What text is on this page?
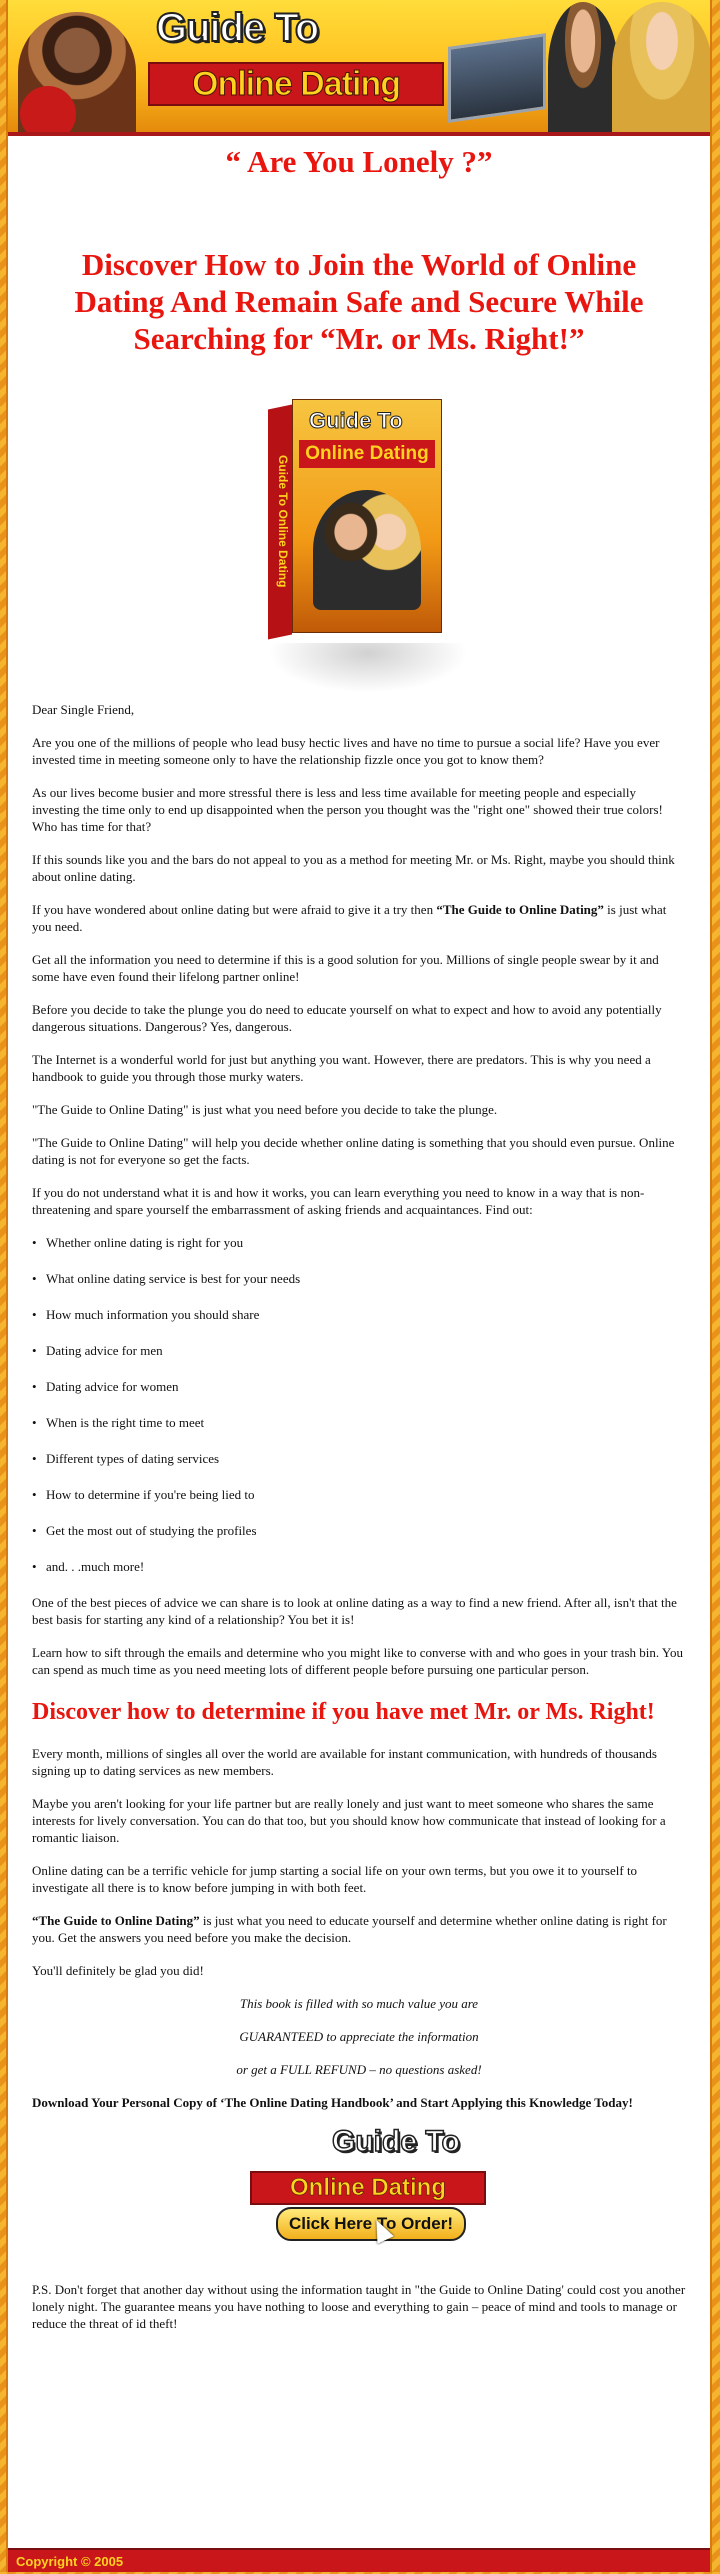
Guide To
Online Dating
“ Are You Lonely ?”
Discover How to Join the World of Online Dating And Remain Safe and Secure While Searching for “Mr. or Ms. Right!”
Guide To Online Dating
Guide To
Online Dating

Dear Single Friend,

Are you one of the millions of people who lead busy hectic lives and have no time to pursue a social life? Have you ever invested time in meeting someone only to have the relationship fizzle once you got to know them?

As our lives become busier and more stressful there is less and less time available for meeting people and especially investing the time only to end up disappointed when the person you thought was the "right one" showed their true colors! Who has time for that?

If this sounds like you and the bars do not appeal to you as a method for meeting Mr. or Ms. Right, maybe you should think about online dating.

If you have wondered about online dating but were afraid to give it a try then “The Guide to Online Dating” is just what you need.

Get all the information you need to determine if this is a good solution for you. Millions of single people swear by it and some have even found their lifelong partner online!

Before you decide to take the plunge you do need to educate yourself on what to expect and how to avoid any potentially dangerous situations. Dangerous? Yes, dangerous.

The Internet is a wonderful world for just but anything you want. However, there are predators. This is why you need a handbook to guide you through those murky waters.

"The Guide to Online Dating" is just what you need before you decide to take the plunge.

"The Guide to Online Dating" will help you decide whether online dating is something that you should even pursue. Online dating is not for everyone so get the facts.

If you do not understand what it is and how it works, you can learn everything you need to know in a way that is non-threatening and spare yourself the embarrassment of asking friends and acquaintances. Find out:

• Whether online dating is right for you
• What online dating service is best for your needs
• How much information you should share
• Dating advice for men
• Dating advice for women
• When is the right time to meet
• Different types of dating services
• How to determine if you're being lied to
• Get the most out of studying the profiles
• and. . .much more!

One of the best pieces of advice we can share is to look at online dating as a way to find a new friend. After all, isn't that the best basis for starting any kind of a relationship? You bet it is!

Learn how to sift through the emails and determine who you might like to converse with and who goes in your trash bin. You can spend as much time as you need meeting lots of different people before pursuing one particular person.

Discover how to determine if you have met Mr. or Ms. Right!

Every month, millions of singles all over the world are available for instant communication, with hundreds of thousands signing up to dating services as new members.

Maybe you aren't looking for your life partner but are really lonely and just want to meet someone who shares the same interests for lively conversation. You can do that too, but you should know how communicate that instead of looking for a romantic liaison.

Online dating can be a terrific vehicle for jump starting a social life on your own terms, but you owe it to yourself to investigate all there is to know before jumping in with both feet.

“The Guide to Online Dating” is just what you need to educate yourself and determine whether online dating is right for you. Get the answers you need before you make the decision.

You'll definitely be glad you did!

This book is filled with so much value you are

GUARANTEED to appreciate the information

or get a FULL REFUND – no questions asked!

Download Your Personal Copy of ‘The Online Dating Handbook’ and Start Applying this Knowledge Today!

Guide To
Online Dating
Click Here To Order!

P.S. Don't forget that another day without using the information taught in "the Guide to Online Dating' could cost you another lonely night. The guarantee means you have nothing to loose and everything to gain – peace of mind and tools to manage or reduce the threat of id theft!

Copyright © 2005
